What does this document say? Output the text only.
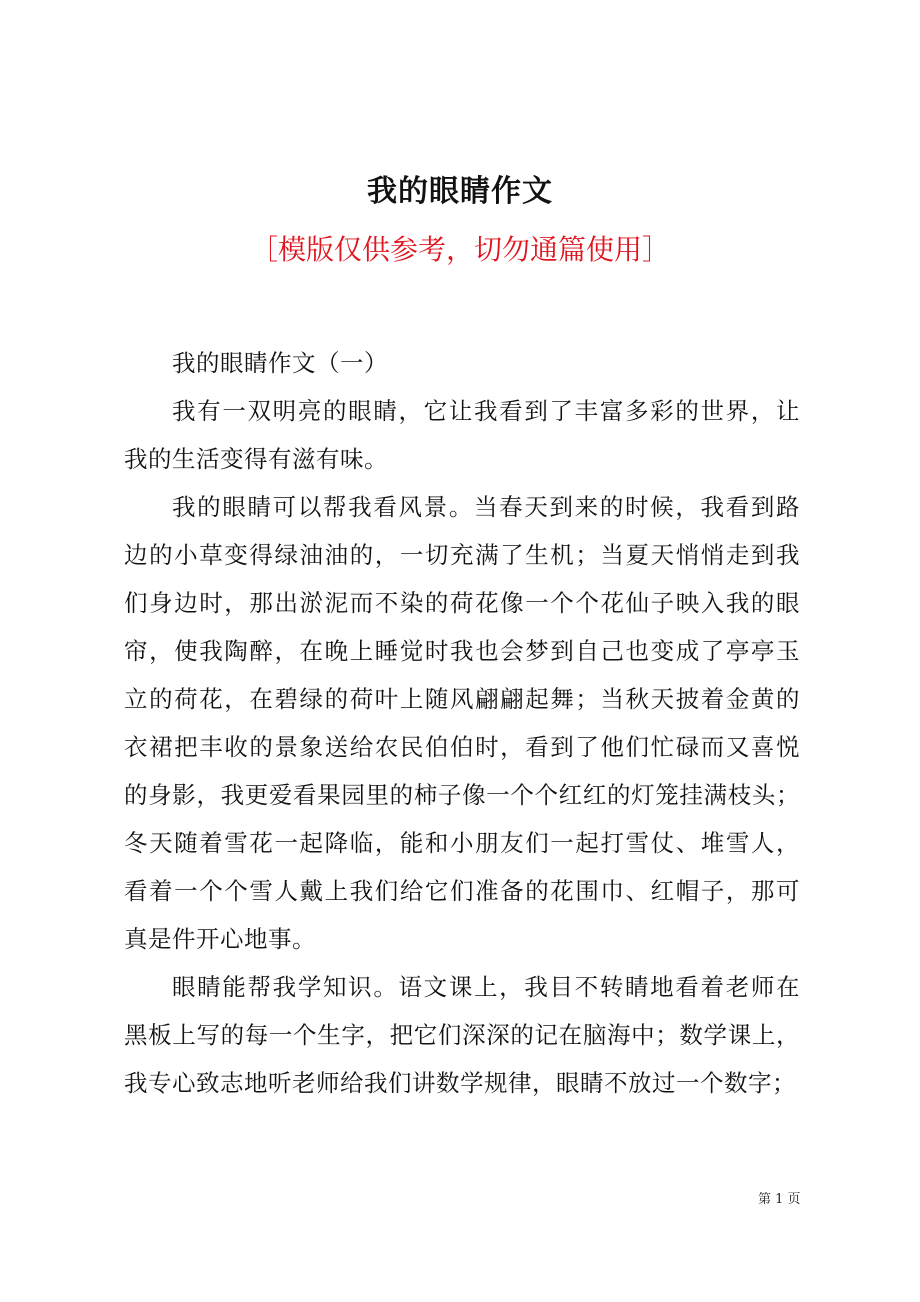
我的眼睛作文
［模版仅供参考，切勿通篇使用］
我的眼睛作文（一）
我有一双明亮的眼睛，它让我看到了丰富多彩的世界，让
我的生活变得有滋有味。
我的眼睛可以帮我看风景。当春天到来的时候，我看到路
边的小草变得绿油油的，一切充满了生机；当夏天悄悄走到我
们身边时，那出淤泥而不染的荷花像一个个花仙子映入我的眼
帘，使我陶醉，在晚上睡觉时我也会梦到自己也变成了亭亭玉
立的荷花，在碧绿的荷叶上随风翩翩起舞；当秋天披着金黄的
衣裙把丰收的景象送给农民伯伯时，看到了他们忙碌而又喜悦
的身影，我更爱看果园里的柿子像一个个红红的灯笼挂满枝头；
冬天随着雪花一起降临，能和小朋友们一起打雪仗、堆雪人，
看着一个个雪人戴上我们给它们准备的花围巾、红帽子，那可
真是件开心地事。
眼睛能帮我学知识。语文课上，我目不转睛地看着老师在
黑板上写的每一个生字，把它们深深的记在脑海中；数学课上，
我专心致志地听老师给我们讲数学规律，眼睛不放过一个数字；
第 1 页
